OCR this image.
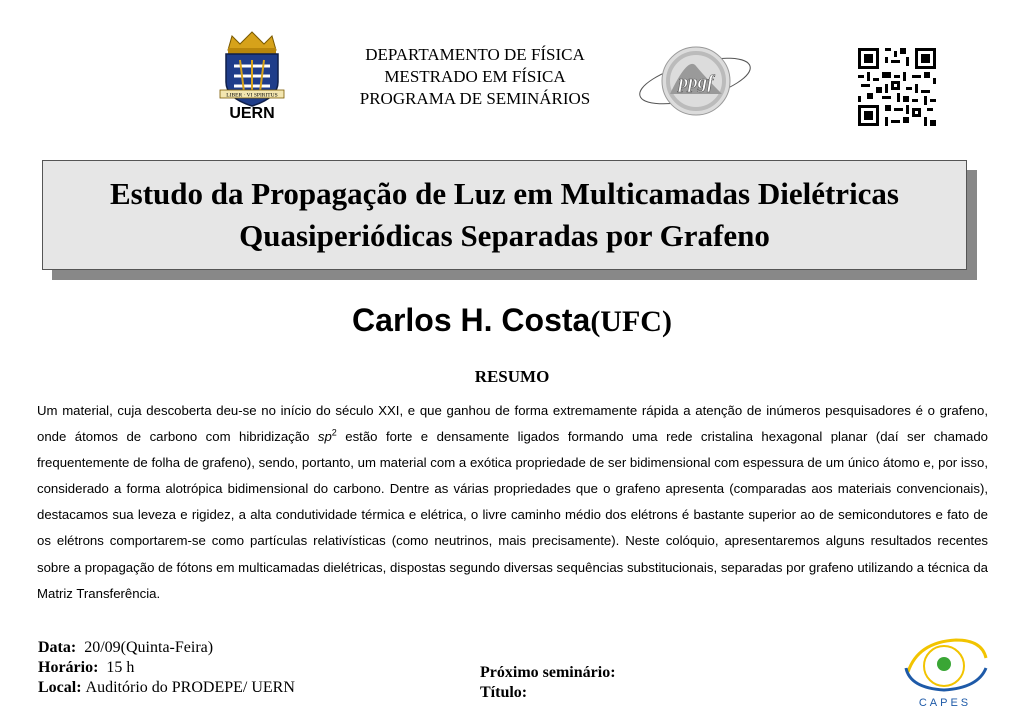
LIBER · VI SPIRITUS
UERN
DEPARTAMENTO DE FÍSICA
MESTRADO EM FÍSICA
PROGRAMA DE SEMINÁRIOS
ppgf
Estudo da Propagação de Luz em Multicamadas Dielétricas
Quasiperiódicas Separadas por Grafeno
Carlos H. Costa(UFC)
RESUMO
Um material, cuja descoberta deu-se no início do século XXI, e que ganhou de forma extremamente rápida a atenção de inúmeros pesquisadores é o grafeno, onde átomos de carbono com hibridização $sp^2$ estão forte e densamente ligados formando uma rede cristalina hexagonal planar (daí ser chamado frequentemente de folha de grafeno), sendo, portanto, um material com a exótica propriedade de ser bidimensional com espessura de um único átomo e, por isso, considerado a forma alotrópica bidimensional do carbono. Dentre as várias propriedades que o grafeno apresenta (comparadas aos materiais convencionais), destacamos sua leveza e rigidez, a alta condutividade térmica e elétrica, o livre caminho médio dos elétrons é bastante superior ao de semicondutores e fato de os elétrons comportarem-se como partículas relativísticas (como neutrinos, mais precisamente). Neste colóquio, apresentaremos alguns resultados recentes sobre a propagação de fótons em multicamadas dielétricas, dispostas segundo diversas sequências substitucionais, separadas por grafeno utilizando a técnica da Matriz Transferência.
Data: 20/09(Quinta-Feira)
Horário: 15 h
Local: Auditório do PRODEPE/ UERN
Próximo seminário:
Título:
CAPES
